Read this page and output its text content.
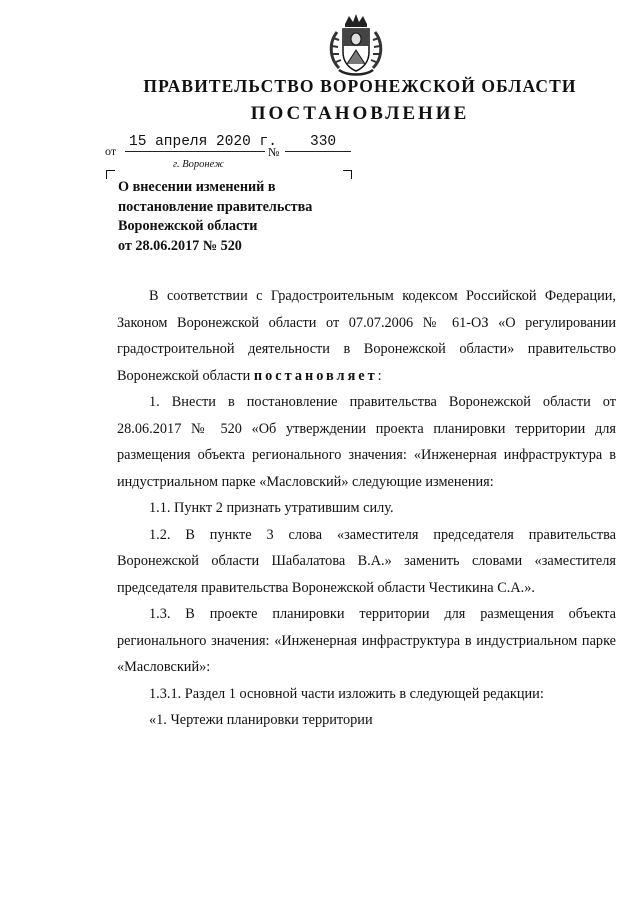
ПРАВИТЕЛЬСТВО ВОРОНЕЖСКОЙ ОБЛАСТИ
ПОСТАНОВЛЕНИЕ
от
15 апреля 2020 г.
№
330
г. Воронеж
О внесении изменений в
постановление правительства
Воронежской области
от 28.06.2017 № 520

В соответствии с Градостроительным кодексом Российской Федерации, Законом Воронежской области от 07.07.2006 № 61-ОЗ «О регулировании градостроительной деятельности в Воронежской области» правительство Воронежской области постановляет:

1. Внести в постановление правительства Воронежской области от 28.06.2017 № 520 «Об утверждении проекта планировки территории для размещения объекта регионального значения: «Инженерная инфраструктура в индустриальном парке «Масловский» следующие изменения:

1.1. Пункт 2 признать утратившим силу.

1.2. В пункте 3 слова «заместителя председателя правительства Воронежской области Шабалатова В.А.» заменить словами «заместителя председателя правительства Воронежской области Честикина С.А.».

1.3. В проекте планировки территории для размещения объекта регионального значения: «Инженерная инфраструктура в индустриальном парке «Масловский»:

1.3.1. Раздел 1 основной части изложить в следующей редакции:

«1. Чертежи планировки территории
